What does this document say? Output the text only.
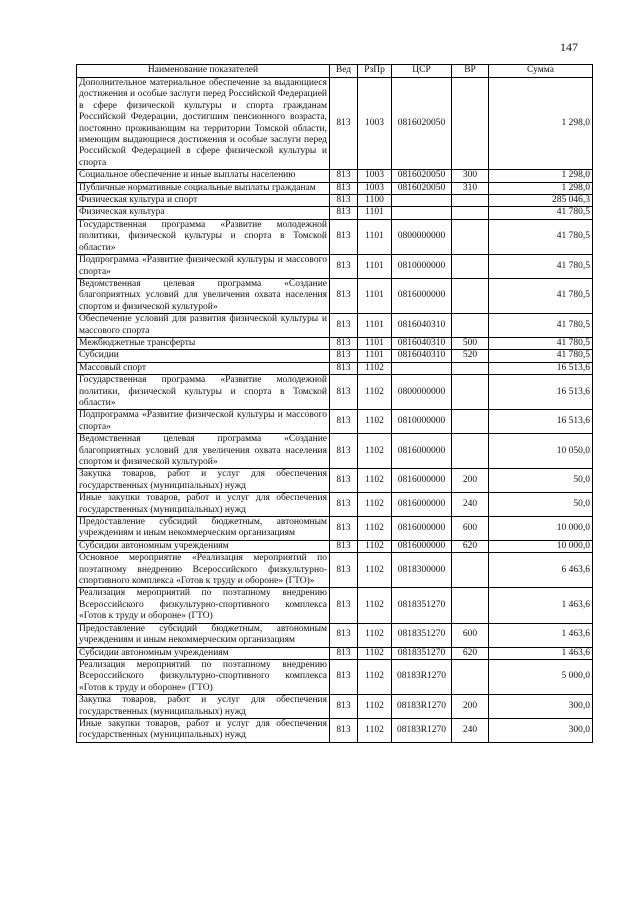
147
Наименование показателей	Вед	РзПр	ЦСР	ВР	Сумма
Дополнительное материальное обеспечение за выдающиеся достижения и особые заслуги перед Российской Федерацией в сфере физической культуры и спорта гражданам Российской Федерации, достигшим пенсионного возраста, постоянно проживающим на территории Томской области, имеющим выдающиеся достижения и особые заслуги перед Российской Федерацией в сфере физической культуры и спорта	813	1003	0816020050		1 298,0
Социальное обеспечение и иные выплаты населению	813	1003	0816020050	300	1 298,0
Публичные нормативные социальные выплаты гражданам	813	1003	0816020050	310	1 298,0
Физическая культура и спорт	813	1100			285 046,3
Физическая культура	813	1101			41 780,5
Государственная программа «Развитие молодежной политики, физической культуры и спорта в Томской области»	813	1101	0800000000		41 780,5
Подпрограмма «Развитие физической культуры и массового спорта»	813	1101	0810000000		41 780,5
Ведомственная целевая программа «Создание благоприятных условий для увеличения охвата населения спортом и физической культурой»	813	1101	0816000000		41 780,5
Обеспечение условий для развития физической культуры и массового спорта	813	1101	0816040310		41 780,5
Межбюджетные трансферты	813	1101	0816040310	500	41 780,5
Субсидии	813	1101	0816040310	520	41 780,5
Массовый спорт	813	1102			16 513,6
Государственная программа «Развитие молодежной политики, физической культуры и спорта в Томской области»	813	1102	0800000000		16 513,6
Подпрограмма «Развитие физической культуры и массового спорта»	813	1102	0810000000		16 513,6
Ведомственная целевая программа «Создание благоприятных условий для увеличения охвата населения спортом и физической культурой»	813	1102	0816000000		10 050,0
Закупка товаров, работ и услуг для обеспечения государственных (муниципальных) нужд	813	1102	0816000000	200	50,0
Иные закупки товаров, работ и услуг для обеспечения государственных (муниципальных) нужд	813	1102	0816000000	240	50,0
Предоставление субсидий бюджетным, автономным учреждениям и иным некоммерческим организациям	813	1102	0816000000	600	10 000,0
Субсидии автономным учреждениям	813	1102	0816000000	620	10 000,0
Основное мероприятие «Реализация мероприятий по поэтапному внедрению Всероссийского физкультурно-спортивного комплекса «Готов к труду и обороне» (ГТО)»	813	1102	0818300000		6 463,6
Реализация мероприятий по поэтапному внедрению Всероссийского физкультурно-спортивного комплекса «Готов к труду и обороне» (ГТО)	813	1102	0818351270		1 463,6
Предоставление субсидий бюджетным, автономным учреждениям и иным некоммерческим организациям	813	1102	0818351270	600	1 463,6
Субсидии автономным учреждениям	813	1102	0818351270	620	1 463,6
Реализация мероприятий по поэтапному внедрению Всероссийского физкультурно-спортивного комплекса «Готов к труду и обороне» (ГТО)	813	1102	08183R1270		5 000,0
Закупка товаров, работ и услуг для обеспечения государственных (муниципальных) нужд	813	1102	08183R1270	200	300,0
Иные закупки товаров, работ и услуг для обеспечения государственных (муниципальных) нужд	813	1102	08183R1270	240	300,0
